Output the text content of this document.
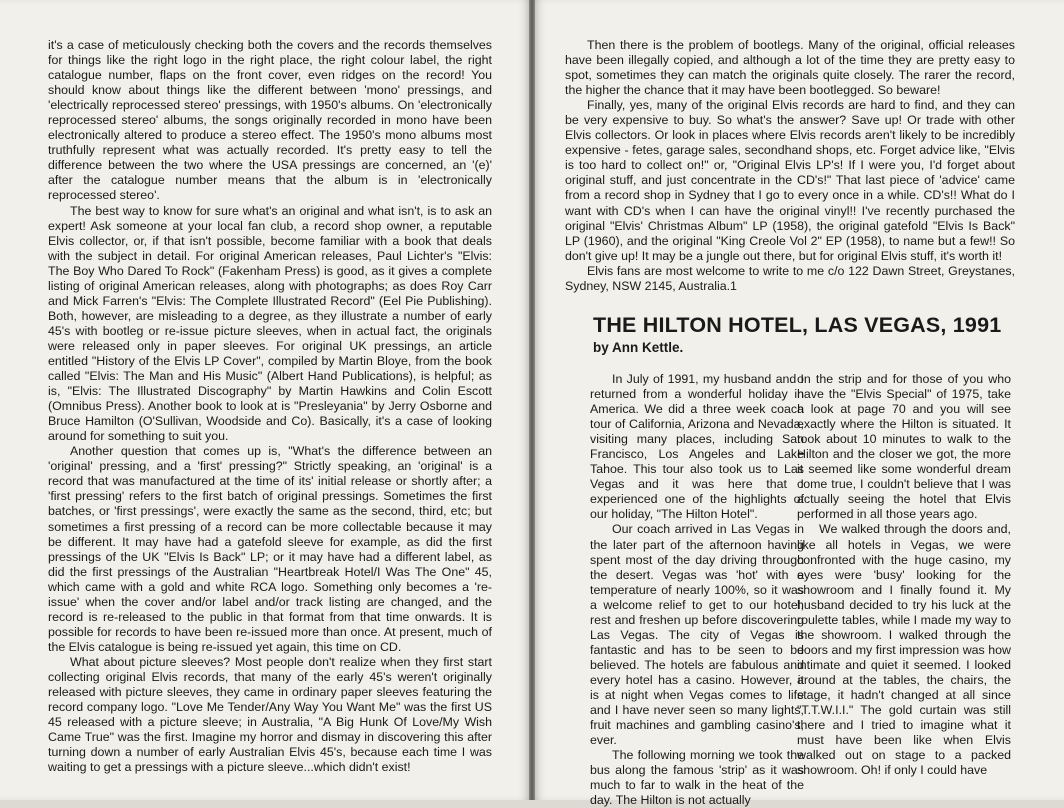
it's a case of meticulously checking both the covers and the records themselves for things like the right logo in the right place, the right colour label, the right catalogue number, flaps on the front cover, even ridges on the record! You should know about things like the different between 'mono' pressings, and 'electrically reprocessed stereo' pressings, with 1950's albums. On 'electronically reprocessed stereo' albums, the songs originally recorded in mono have been electronically altered to produce a stereo effect. The 1950's mono albums most truthfully represent what was actually recorded. It's pretty easy to tell the difference between the two where the USA pressings are concerned, an '(e)' after the catalogue number means that the album is in 'electronically reprocessed stereo'.

The best way to know for sure what's an original and what isn't, is to ask an expert! Ask someone at your local fan club, a record shop owner, a reputable Elvis collector, or, if that isn't possible, become familiar with a book that deals with the subject in detail. For original American releases, Paul Lichter's "Elvis: The Boy Who Dared To Rock" (Fakenham Press) is good, as it gives a complete listing of original American releases, along with photographs; as does Roy Carr and Mick Farren's "Elvis: The Complete Illustrated Record" (Eel Pie Publishing). Both, however, are misleading to a degree, as they illustrate a number of early 45's with bootleg or re-issue picture sleeves, when in actual fact, the originals were released only in paper sleeves. For original UK pressings, an article entitled "History of the Elvis LP Cover", compiled by Martin Bloye, from the book called "Elvis: The Man and His Music" (Albert Hand Publications), is helpful; as is, "Elvis: The Illustrated Discography" by Martin Hawkins and Colin Escott (Omnibus Press). Another book to look at is "Presleyania" by Jerry Osborne and Bruce Hamilton (O'Sullivan, Woodside and Co). Basically, it's a case of looking around for something to suit you.

Another question that comes up is, "What's the difference between an 'original' pressing, and a 'first' pressing?" Strictly speaking, an 'original' is a record that was manufactured at the time of its' initial release or shortly after; a 'first pressing' refers to the first batch of original pressings. Sometimes the first batches, or 'first pressings', were exactly the same as the second, third, etc; but sometimes a first pressing of a record can be more collectable because it may be different. It may have had a gatefold sleeve for example, as did the first pressings of the UK "Elvis Is Back" LP; or it may have had a different label, as did the first pressings of the Australian "Heartbreak Hotel/I Was The One" 45, which came with a gold and white RCA logo. Something only becomes a 're-issue' when the cover and/or label and/or track listing are changed, and the record is re-released to the public in that format from that time onwards. It is possible for records to have been re-issued more than once. At present, much of the Elvis catalogue is being re-issued yet again, this time on CD.

What about picture sleeves? Most people don't realize when they first start collecting original Elvis records, that many of the early 45's weren't originally released with picture sleeves, they came in ordinary paper sleeves featuring the record company logo. "Love Me Tender/Any Way You Want Me" was the first US 45 released with a picture sleeve; in Australia, "A Big Hunk Of Love/My Wish Came True" was the first. Imagine my horror and dismay in discovering this after turning down a number of early Australian Elvis 45's, because each time I was waiting to get a pressings with a picture sleeve...which didn't exist!

Then there is the problem of bootlegs. Many of the original, official releases have been illegally copied, and although a lot of the time they are pretty easy to spot, sometimes they can match the originals quite closely. The rarer the record, the higher the chance that it may have been bootlegged. So beware!

Finally, yes, many of the original Elvis records are hard to find, and they can be very expensive to buy. So what's the answer? Save up! Or trade with other Elvis collectors. Or look in places where Elvis records aren't likely to be incredibly expensive - fetes, garage sales, secondhand shops, etc. Forget advice like, "Elvis is too hard to collect on!" or, "Original Elvis LP's! If I were you, I'd forget about original stuff, and just concentrate in the CD's!" That last piece of 'advice' came from a record shop in Sydney that I go to every once in a while. CD's!! What do I want with CD's when I can have the original vinyl!! I've recently purchased the original "Elvis' Christmas Album" LP (1958), the original gatefold "Elvis Is Back" LP (1960), and the original "King Creole Vol 2" EP (1958), to name but a few!! So don't give up! It may be a jungle out there, but for original Elvis stuff, it's worth it!

Elvis fans are most welcome to write to me c/o 122 Dawn Street, Greystanes, Sydney, NSW 2145, Australia.1

THE HILTON HOTEL, LAS VEGAS, 1991
by Ann Kettle.

In July of 1991, my husband and I returned from a wonderful holiday in America. We did a three week coach tour of California, Arizona and Nevada, visiting many places, including San Francisco, Los Angeles and Lake Tahoe. This tour also took us to Las Vegas and it was here that I experienced one of the highlights of our holiday, "The Hilton Hotel".

Our coach arrived in Las Vegas in the later part of the afternoon having spent most of the day driving through the desert. Vegas was 'hot' with a temperature of nearly 100%, so it was a welcome relief to get to our hotel, rest and freshen up before discovering Las Vegas. The city of Vegas is fantastic and has to be seen to be believed. The hotels are fabulous and every hotel has a casino. However, it is at night when Vegas comes to life and I have never seen so many lights, fruit machines and gambling casino's, ever.

The following morning we took the bus along the famous 'strip' as it was much to far to walk in the heat of the day. The Hilton is not actually

on the strip and for those of you who have the "Elvis Special" of 1975, take a look at page 70 and you will see exactly where the Hilton is situated. It took about 10 minutes to walk to the Hilton and the closer we got, the more it seemed like some wonderful dream come true, I couldn't believe that I was actually seeing the hotel that Elvis performed in all those years ago.

We walked through the doors and, like all hotels in Vegas, we were confronted with the huge casino, my eyes were 'busy' looking for the showroom and I finally found it. My husband decided to try his luck at the roulette tables, while I made my way to the showroom. I walked through the doors and my first impression was how intimate and quiet it seemed. I looked around at the tables, the chairs, the stage, it hadn't changed at all since "T.T.W.I.I." The gold curtain was still there and I tried to imagine what it must have been like when Elvis walked out on stage to a packed showroom. Oh! if only I could have
